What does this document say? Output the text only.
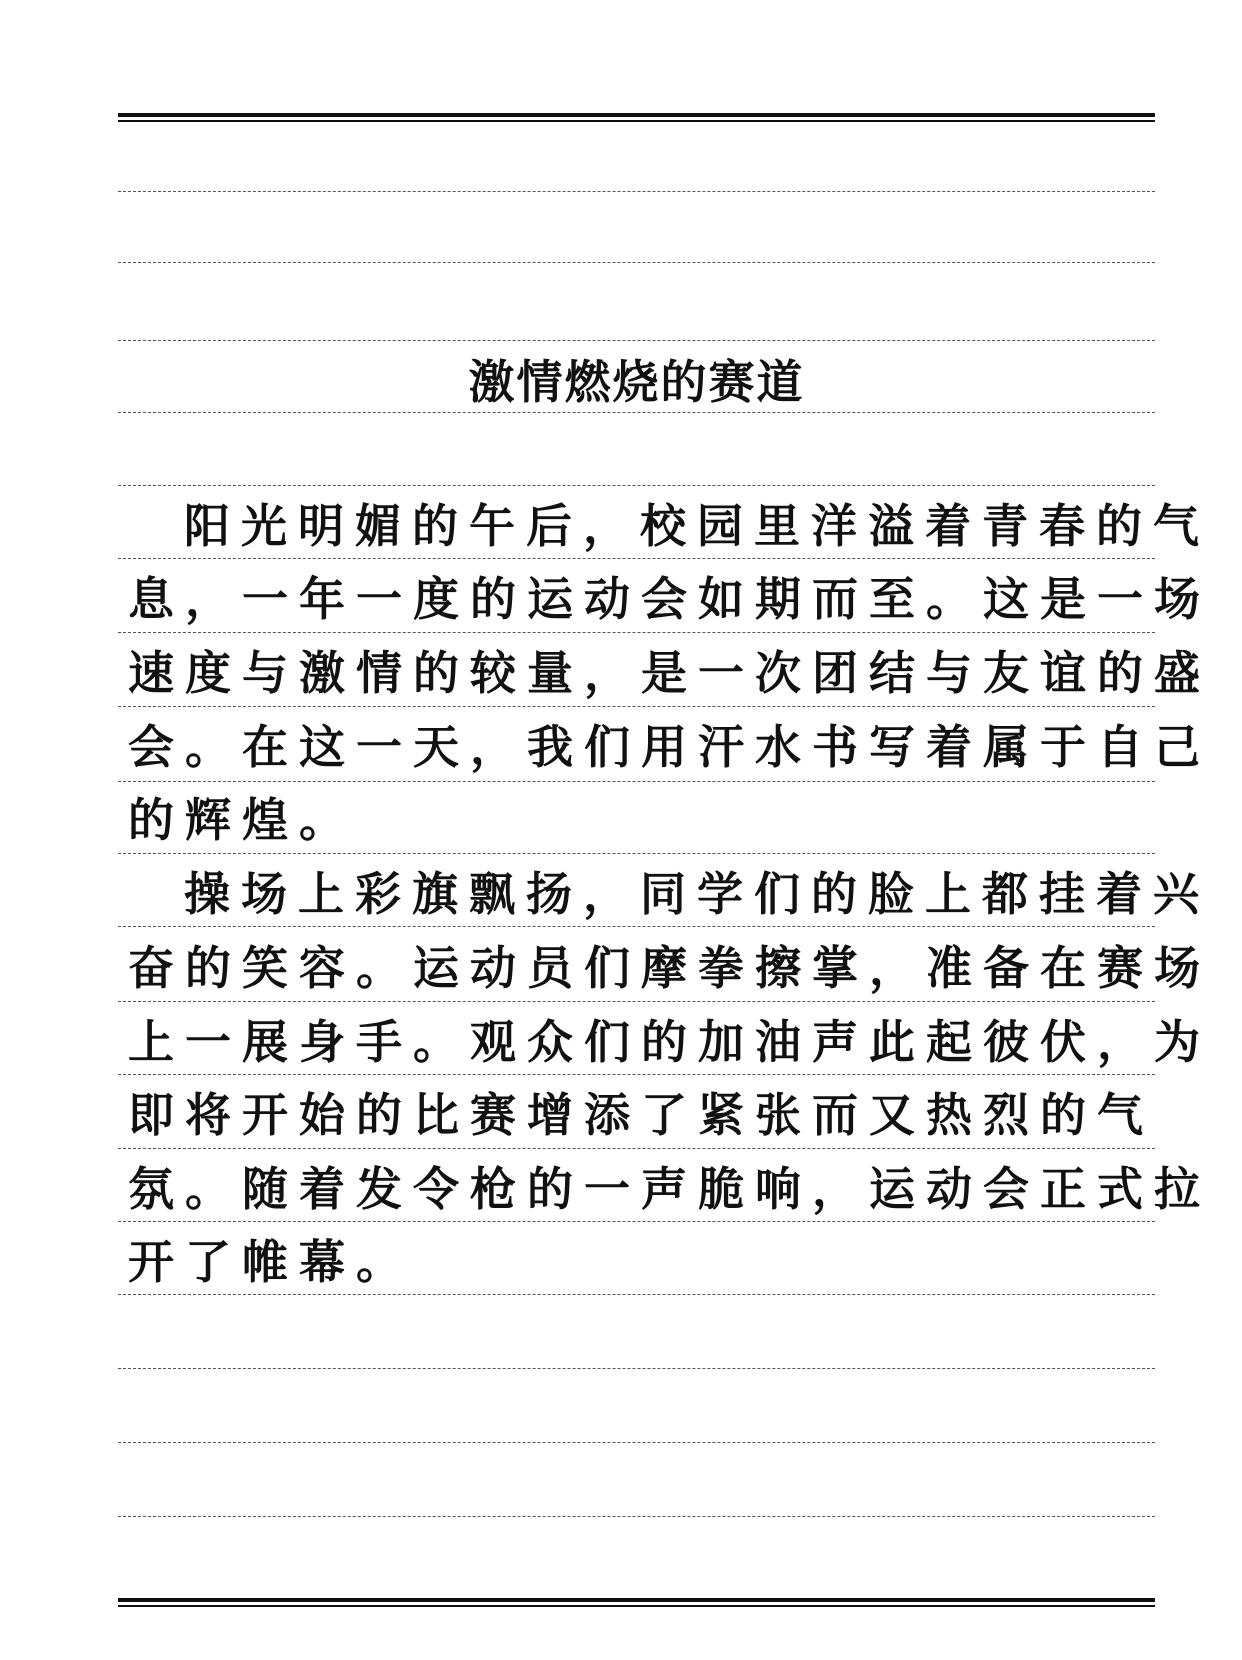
激情燃烧的赛道
阳光明媚的午后，校园里洋溢着青春的气
息，一年一度的运动会如期而至。这是一场
速度与激情的较量，是一次团结与友谊的盛
会。在这一天，我们用汗水书写着属于自己
的辉煌。
操场上彩旗飘扬，同学们的脸上都挂着兴
奋的笑容。运动员们摩拳擦掌，准备在赛场
上一展身手。观众们的加油声此起彼伏，为
即将开始的比赛增添了紧张而又热烈的气
氛。随着发令枪的一声脆响，运动会正式拉
开了帷幕。
